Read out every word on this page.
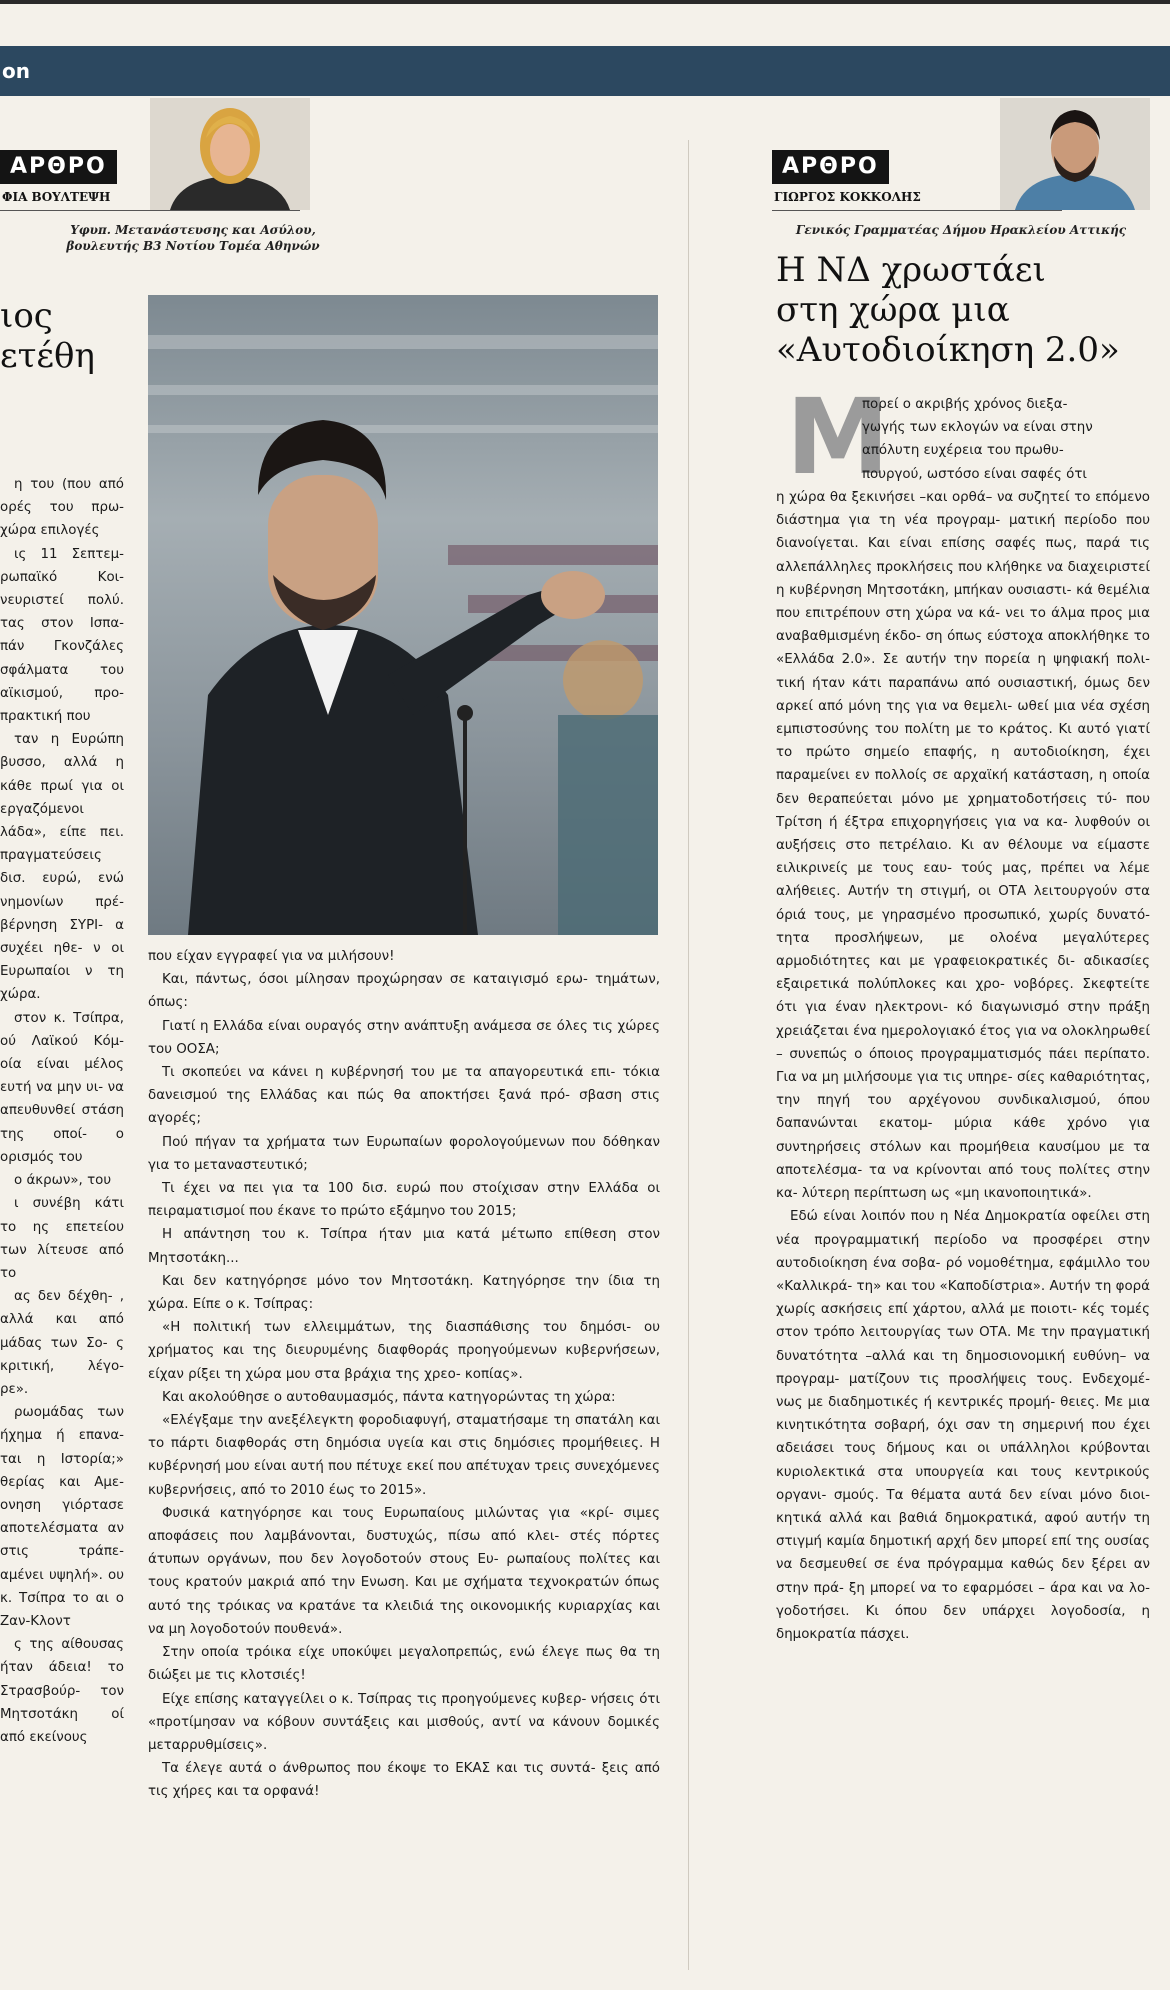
on
ΑΡΘΡΟ
ΦΙΑ ΒΟΥΛΤΕΨΗ
Υφυπ. Μετανάστευσης και Ασύλου, βουλευτής Β3 Νοτίου Τομέα Αθηνών
ιος
ετέθη

η του (που από ορές του πρω- χώρα επιλογές

ις 11 Σεπτεμ- ρωπαϊκό Κοι- νευριστεί πολύ. τας στον Ισπα- πάν Γκονζάλες σφάλματα του αϊκισμού, προ- πρακτική που

ταν η Ευρώπη βυσσο, αλλά η κάθε πρωί για οι εργαζόμενοι λάδα», είπε πει. πραγματεύσεις δισ. ευρώ, ενώ νημονίων πρέ- βέρνηση ΣΥΡΙ- α συχέει ηθε- ν οι Ευρωπαίοι ν τη χώρα.

στον κ. Τσίπρα, ού Λαϊκού Κόμ- οία είναι μέλος ευτή να μην υι- να απευθυνθεί στάση της οποί- ο ορισμός του

ο άκρων», του

ι συνέβη κάτι το ης επετείου των λίτευσε από το

ας δεν δέχθη- , αλλά και από μάδας των Σο- ς κριτική, λέγο- ρε».

ρωομάδας των ήχημα ή επανα- ται η Ιστορία;» θερίας και Αμε- ονηση γιόρτασε αποτελέσματα αν στις τράπε- αμένει υψηλή». ου κ. Τσίπρα το αι ο Ζαν-Κλοντ

ς της αίθουσας ήταν άδεια! το Στρασβούρ- τον Μητσοτάκη οί από εκείνους

που είχαν εγγραφεί για να μιλήσουν!

Και, πάντως, όσοι μίλησαν προχώρησαν σε καταιγισμό ερω- τημάτων, όπως:

Γιατί η Ελλάδα είναι ουραγός στην ανάπτυξη ανάμεσα σε όλες τις χώρες του ΟΟΣΑ;

Τι σκοπεύει να κάνει η κυβέρνησή του με τα απαγορευτικά επι- τόκια δανεισμού της Ελλάδας και πώς θα αποκτήσει ξανά πρό- σβαση στις αγορές;

Πού πήγαν τα χρήματα των Ευρωπαίων φορολογούμενων που δόθηκαν για το μεταναστευτικό;

Τι έχει να πει για τα 100 δισ. ευρώ που στοίχισαν στην Ελλάδα οι πειραματισμοί που έκανε το πρώτο εξάμηνο του 2015;

Η απάντηση του κ. Τσίπρα ήταν μια κατά μέτωπο επίθεση στον Μητσοτάκη...

Και δεν κατηγόρησε μόνο τον Μητσοτάκη. Κατηγόρησε την ίδια τη χώρα. Είπε ο κ. Τσίπρας:

«Η πολιτική των ελλειμμάτων, της διασπάθισης του δημόσι- ου χρήματος και της διευρυμένης διαφθοράς προηγούμενων κυβερνήσεων, είχαν ρίξει τη χώρα μου στα βράχια της χρεο- κοπίας».

Και ακολούθησε ο αυτοθαυμασμός, πάντα κατηγορώντας τη χώρα:

«Ελέγξαμε την ανεξέλεγκτη φοροδιαφυγή, σταματήσαμε τη σπατάλη και το πάρτι διαφθοράς στη δημόσια υγεία και στις δημόσιες προμήθειες. Η κυβέρνησή μου είναι αυτή που πέτυχε εκεί που απέτυχαν τρεις συνεχόμενες κυβερνήσεις, από το 2010 έως το 2015».

Φυσικά κατηγόρησε και τους Ευρωπαίους μιλώντας για «κρί- σιμες αποφάσεις που λαμβάνονται, δυστυχώς, πίσω από κλει- στές πόρτες άτυπων οργάνων, που δεν λογοδοτούν στους Ευ- ρωπαίους πολίτες και τους κρατούν μακριά από την Ενωση. Και με σχήματα τεχνοκρατών όπως αυτό της τρόικας να κρατάνε τα κλειδιά της οικονομικής κυριαρχίας και να μη λογοδοτούν πουθενά».

Στην οποία τρόικα είχε υποκύψει μεγαλοπρεπώς, ενώ έλεγε πως θα τη διώξει με τις κλοτσιές!

Είχε επίσης καταγγείλει ο κ. Τσίπρας τις προηγούμενες κυβερ- νήσεις ότι «προτίμησαν να κόβουν συντάξεις και μισθούς, αντί να κάνουν δομικές μεταρρυθμίσεις».

Τα έλεγε αυτά ο άνθρωπος που έκοψε το ΕΚΑΣ και τις συντά- ξεις από τις χήρες και τα ορφανά!

ΑΡΘΡΟ
ΓΙΩΡΓΟΣ ΚΟΚΚΟΛΗΣ
Γενικός Γραμματέας Δήμου Ηρακλείου Αττικής
Η ΝΔ χρωστάει
στη χώρα μια
«Αυτοδιοίκηση 2.0»
Μ
πορεί ο ακριβής χρόνος διεξα-
γωγής των εκλογών να είναι στην
απόλυτη ευχέρεια του πρωθυ-
πουργού, ωστόσο είναι σαφές ότι

η χώρα θα ξεκινήσει –και ορθά– να συζητεί το επόμενο διάστημα για τη νέα προγραμ- ματική περίοδο που διανοίγεται. Και είναι επίσης σαφές πως, παρά τις αλλεπάλληλες προκλήσεις που κλήθηκε να διαχειριστεί η κυβέρνηση Μητσοτάκη, μπήκαν ουσιαστι- κά θεμέλια που επιτρέπουν στη χώρα να κά- νει το άλμα προς μια αναβαθμισμένη έκδο- ση όπως εύστοχα αποκλήθηκε το «Ελλάδα 2.0». Σε αυτήν την πορεία η ψηφιακή πολι- τική ήταν κάτι παραπάνω από ουσιαστική, όμως δεν αρκεί από μόνη της για να θεμελι- ωθεί μια νέα σχέση εμπιστοσύνης του πολίτη με το κράτος. Κι αυτό γιατί το πρώτο σημείο επαφής, η αυτοδιοίκηση, έχει παραμείνει εν πολλοίς σε αρχαϊκή κατάσταση, η οποία δεν θεραπεύεται μόνο με χρηματοδοτήσεις τύ- που Τρίτση ή έξτρα επιχορηγήσεις για να κα- λυφθούν οι αυξήσεις στο πετρέλαιο. Κι αν θέλουμε να είμαστε ειλικρινείς με τους εαυ- τούς μας, πρέπει να λέμε αλήθειες. Αυτήν τη στιγμή, οι ΟΤΑ λειτουργούν στα όριά τους, με γηρασμένο προσωπικό, χωρίς δυνατό- τητα προσλήψεων, με ολοένα μεγαλύτερες αρμοδιότητες και με γραφειοκρατικές δι- αδικασίες εξαιρετικά πολύπλοκες και χρο- νοβόρες. Σκεφτείτε ότι για έναν ηλεκτρονι- κό διαγωνισμό στην πράξη χρειάζεται ένα ημερολογιακό έτος για να ολοκληρωθεί – συνεπώς ο όποιος προγραμματισμός πάει περίπατο. Για να μη μιλήσουμε για τις υπηρε- σίες καθαριότητας, την πηγή του αρχέγονου συνδικαλισμού, όπου δαπανώνται εκατομ- μύρια κάθε χρόνο για συντηρήσεις στόλων και προμήθεια καυσίμου με τα αποτελέσμα- τα να κρίνονται από τους πολίτες στην κα- λύτερη περίπτωση ως «μη ικανοποιητικά».

Εδώ είναι λοιπόν που η Νέα Δημοκρατία οφείλει στη νέα προγραμματική περίοδο να προσφέρει στην αυτοδιοίκηση ένα σοβα- ρό νομοθέτημα, εφάμιλλο του «Καλλικρά- τη» και του «Καποδίστρια». Αυτήν τη φορά χωρίς ασκήσεις επί χάρτου, αλλά με ποιοτι- κές τομές στον τρόπο λειτουργίας των ΟΤΑ. Με την πραγματική δυνατότητα –αλλά και τη δημοσιονομική ευθύνη– να προγραμ- ματίζουν τις προσλήψεις τους. Ενδεχομέ- νως με διαδημοτικές ή κεντρικές προμή- θειες. Με μια κινητικότητα σοβαρή, όχι σαν τη σημερινή που έχει αδειάσει τους δήμους και οι υπάλληλοι κρύβονται κυριολεκτικά στα υπουργεία και τους κεντρικούς οργανι- σμούς. Τα θέματα αυτά δεν είναι μόνο διοι- κητικά αλλά και βαθιά δημοκρατικά, αφού αυτήν τη στιγμή καμία δημοτική αρχή δεν μπορεί επί της ουσίας να δεσμευθεί σε ένα πρόγραμμα καθώς δεν ξέρει αν στην πρά- ξη μπορεί να το εφαρμόσει – άρα και να λο- γοδοτήσει. Κι όπου δεν υπάρχει λογοδοσία, η δημοκρατία πάσχει.
